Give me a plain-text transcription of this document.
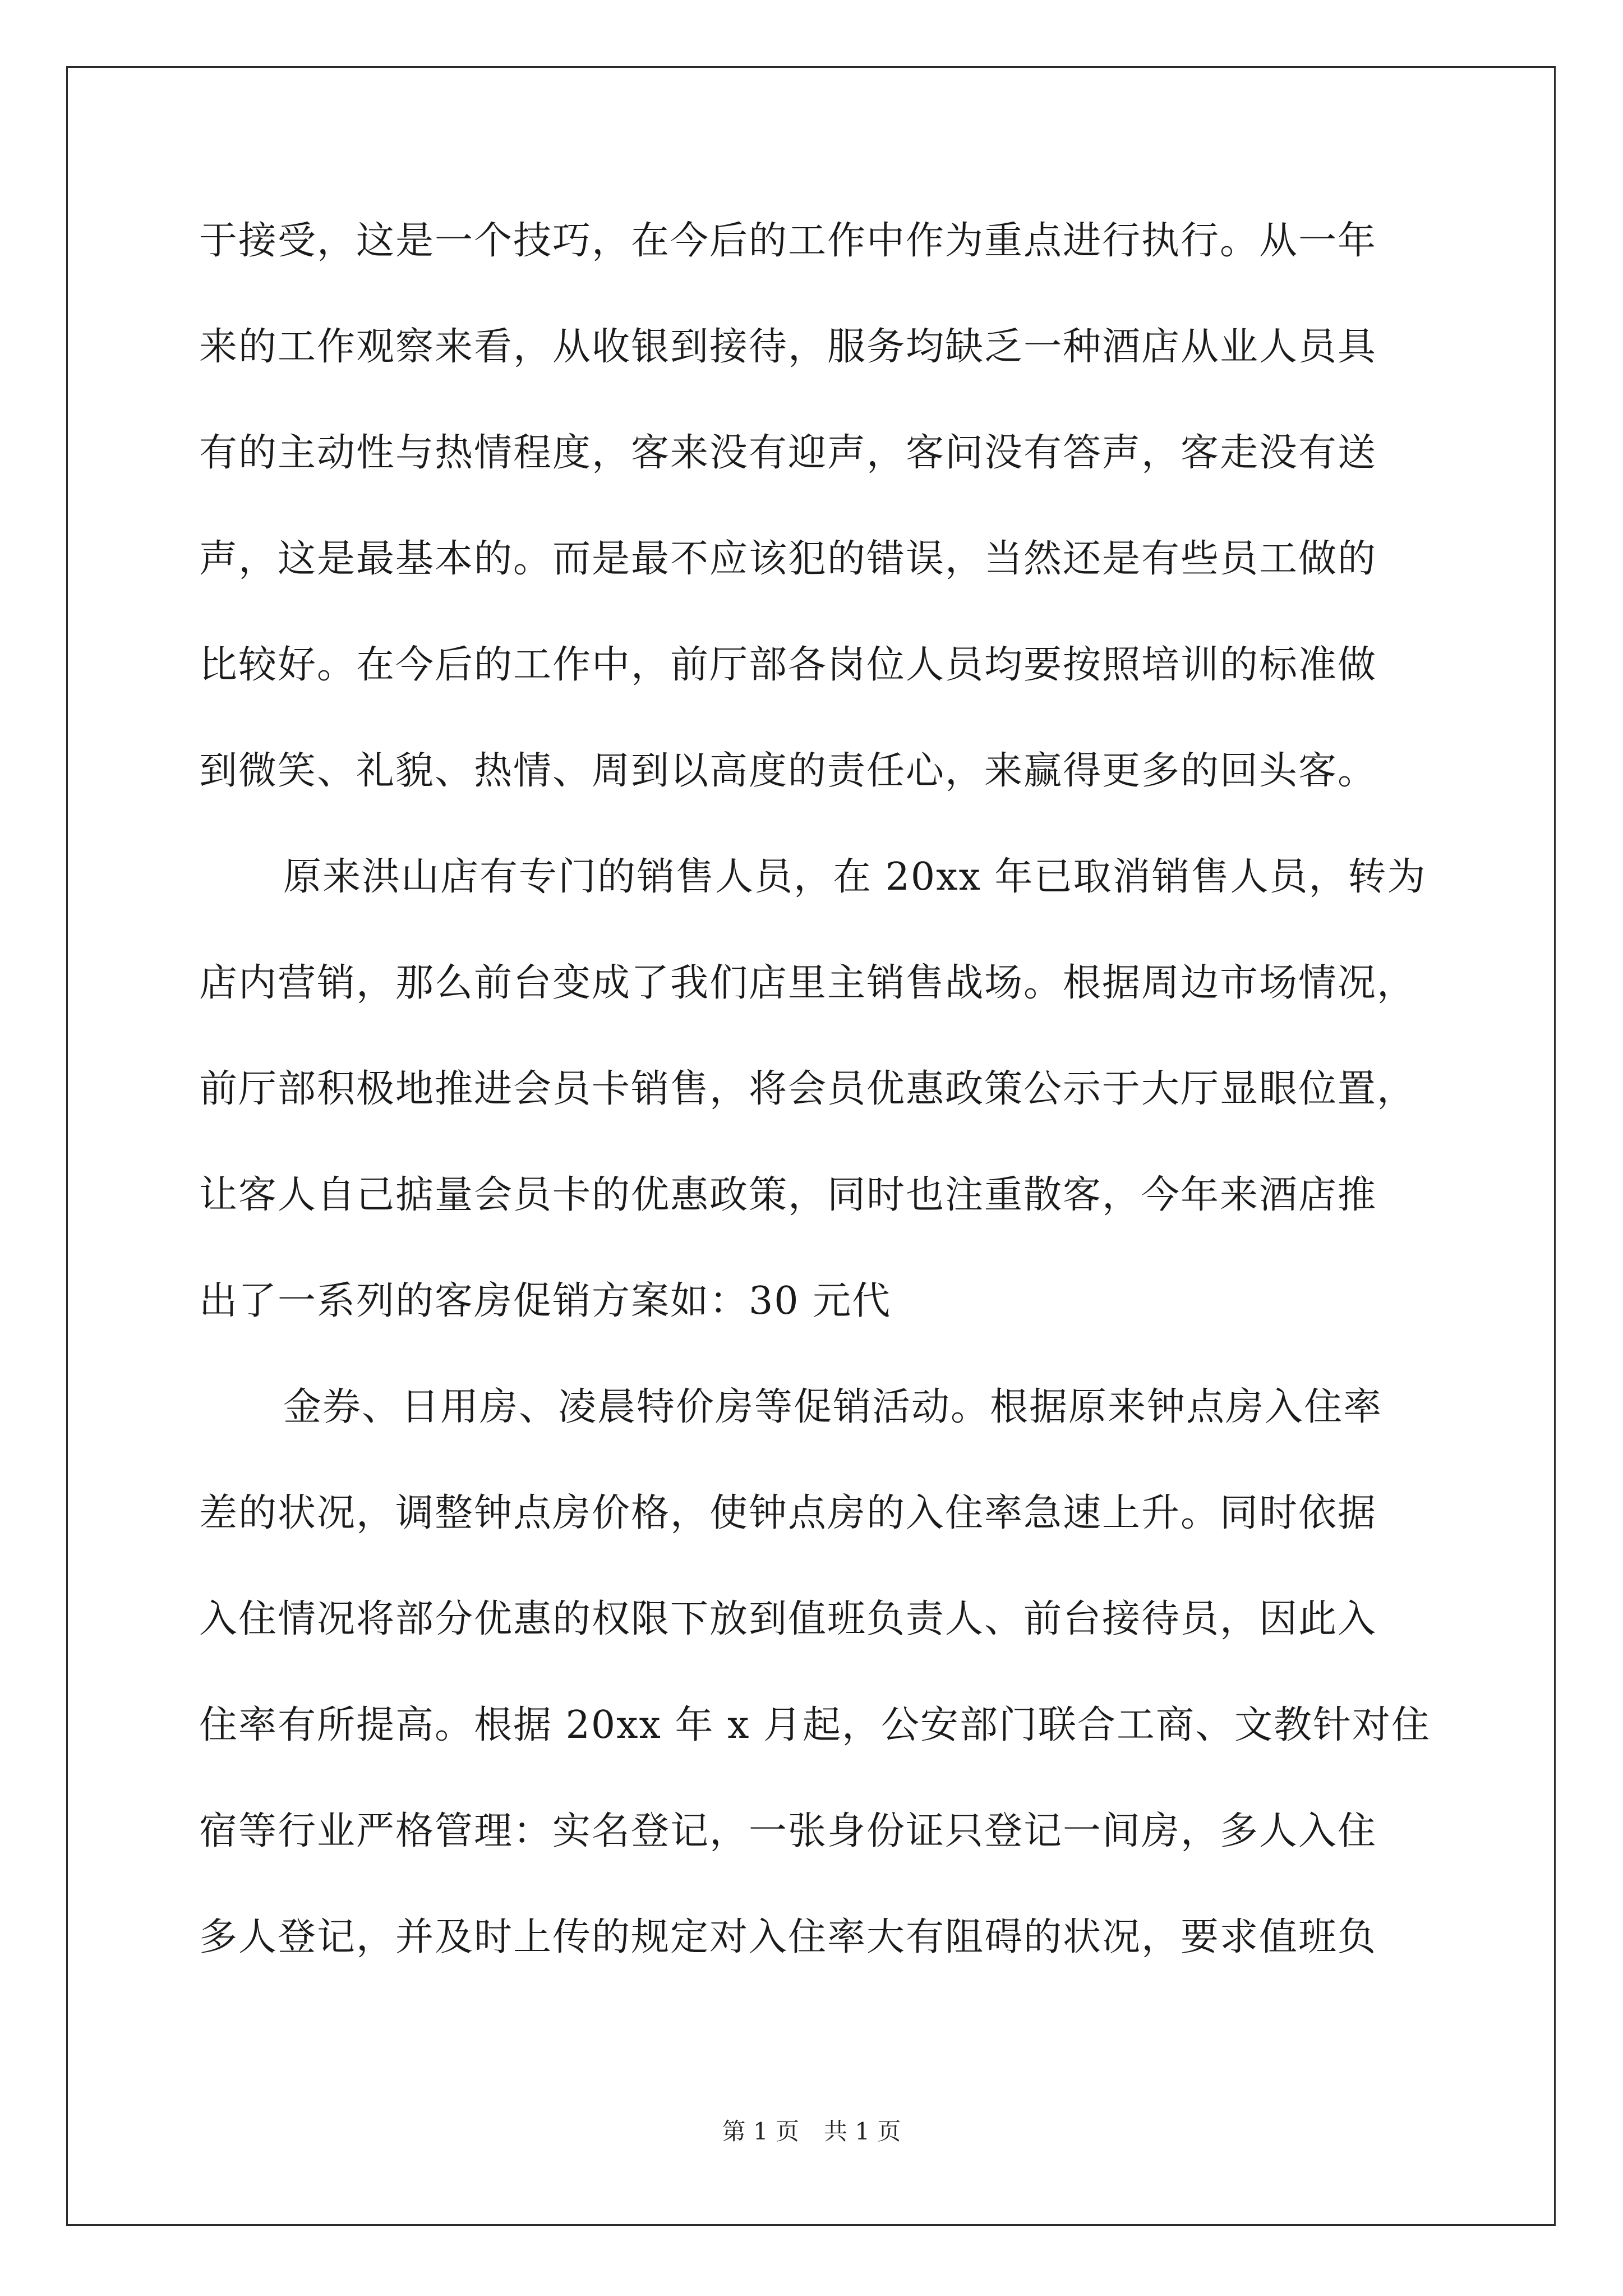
于接受，这是一个技巧，在今后的工作中作为重点进行执行。从一年
来的工作观察来看，从收银到接待，服务均缺乏一种酒店从业人员具
有的主动性与热情程度，客来没有迎声，客问没有答声，客走没有送
声，这是最基本的。而是最不应该犯的错误，当然还是有些员工做的
比较好。在今后的工作中，前厅部各岗位人员均要按照培训的标准做
到微笑、礼貌、热情、周到以高度的责任心，来赢得更多的回头客。
原来洪山店有专门的销售人员，在 20xx 年已取消销售人员，转为
店内营销，那么前台变成了我们店里主销售战场。根据周边市场情况，
前厅部积极地推进会员卡销售，将会员优惠政策公示于大厅显眼位置，
让客人自己掂量会员卡的优惠政策，同时也注重散客，今年来酒店推
出了一系列的客房促销方案如：30 元代
金券、日用房、凌晨特价房等促销活动。根据原来钟点房入住率
差的状况，调整钟点房价格，使钟点房的入住率急速上升。同时依据
入住情况将部分优惠的权限下放到值班负责人、前台接待员，因此入
住率有所提高。根据 20xx 年 x 月起，公安部门联合工商、文教针对住
宿等行业严格管理：实名登记，一张身份证只登记一间房，多人入住
多人登记，并及时上传的规定对入住率大有阻碍的状况，要求值班负
第 1 页 共 1 页
